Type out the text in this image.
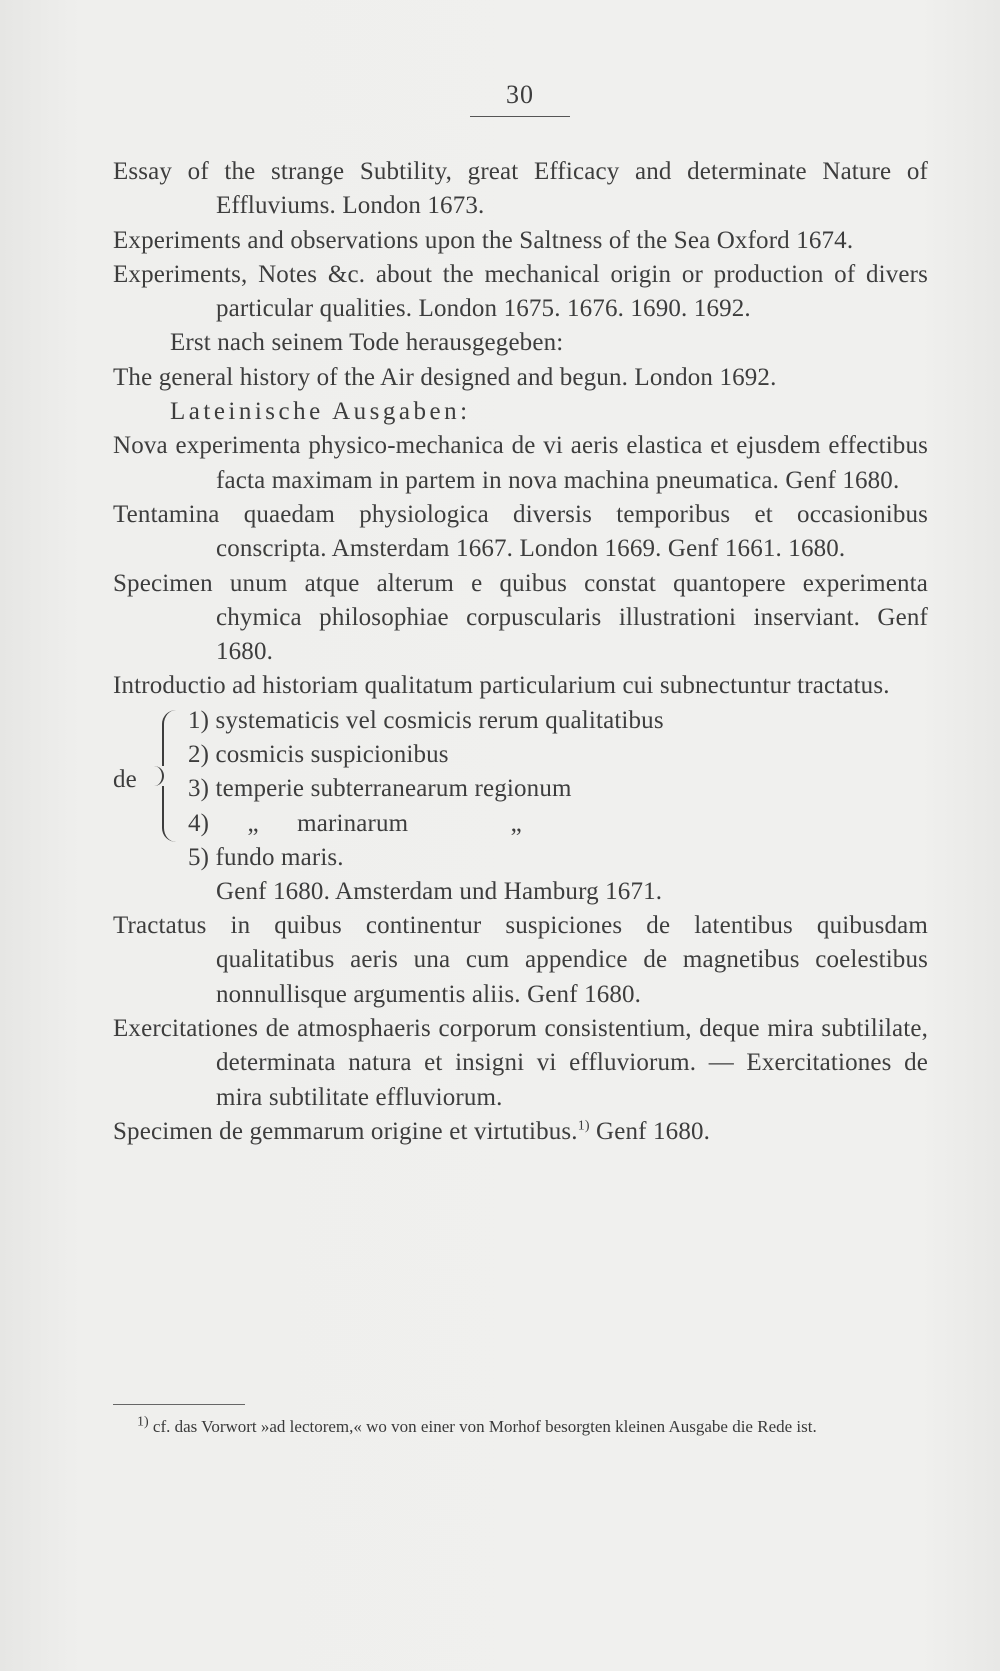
30

Essay of the strange Subtility, great Efficacy and determinate Nature of Effluviums. London 1673.

Experiments and observations upon the Saltness of the Sea Oxford 1674.

Experiments, Notes &c. about the mechanical origin or production of divers particular qualities. London 1675. 1676. 1690. 1692.

Erst nach seinem Tode herausgegeben:

The general history of the Air designed and begun. London 1692.

Lateinische Ausgaben:

Nova experimenta physico-mechanica de vi aeris elastica et ejusdem effectibus facta maximam in partem in nova machina pneumatica. Genf 1680.

Tentamina quaedam physiologica diversis temporibus et occasionibus conscripta. Amsterdam 1667. London 1669. Genf 1661. 1680.

Specimen unum atque alterum e quibus constat quantopere experimenta chymica philosophiae corpuscularis illustrationi inserviant. Genf 1680.

Introductio ad historiam qualitatum particularium cui subnectuntur tractatus.

de
1) systematicis vel cosmicis rerum qualitatibus
2) cosmicis suspicionibus
3) temperie subterranearum regionum
4)      „      marinarum                „
5) fundo maris.

Genf 1680. Amsterdam und Hamburg 1671.

Tractatus in quibus continentur suspiciones de latentibus quibusdam qualitatibus aeris una cum appendice de magnetibus coelestibus nonnullisque argumentis aliis. Genf 1680.

Exercitationes de atmosphaeris corporum consistentium, deque mira subtililate, determinata natura et insigni vi effluviorum. — Exercitationes de mira subtilitate effluviorum.

Specimen de gemmarum origine et virtutibus.$^{1)}$ Genf 1680.

$^{1)}$ cf. das Vorwort »ad lectorem,« wo von einer von Morhof besorgten kleinen Ausgabe die Rede ist.
